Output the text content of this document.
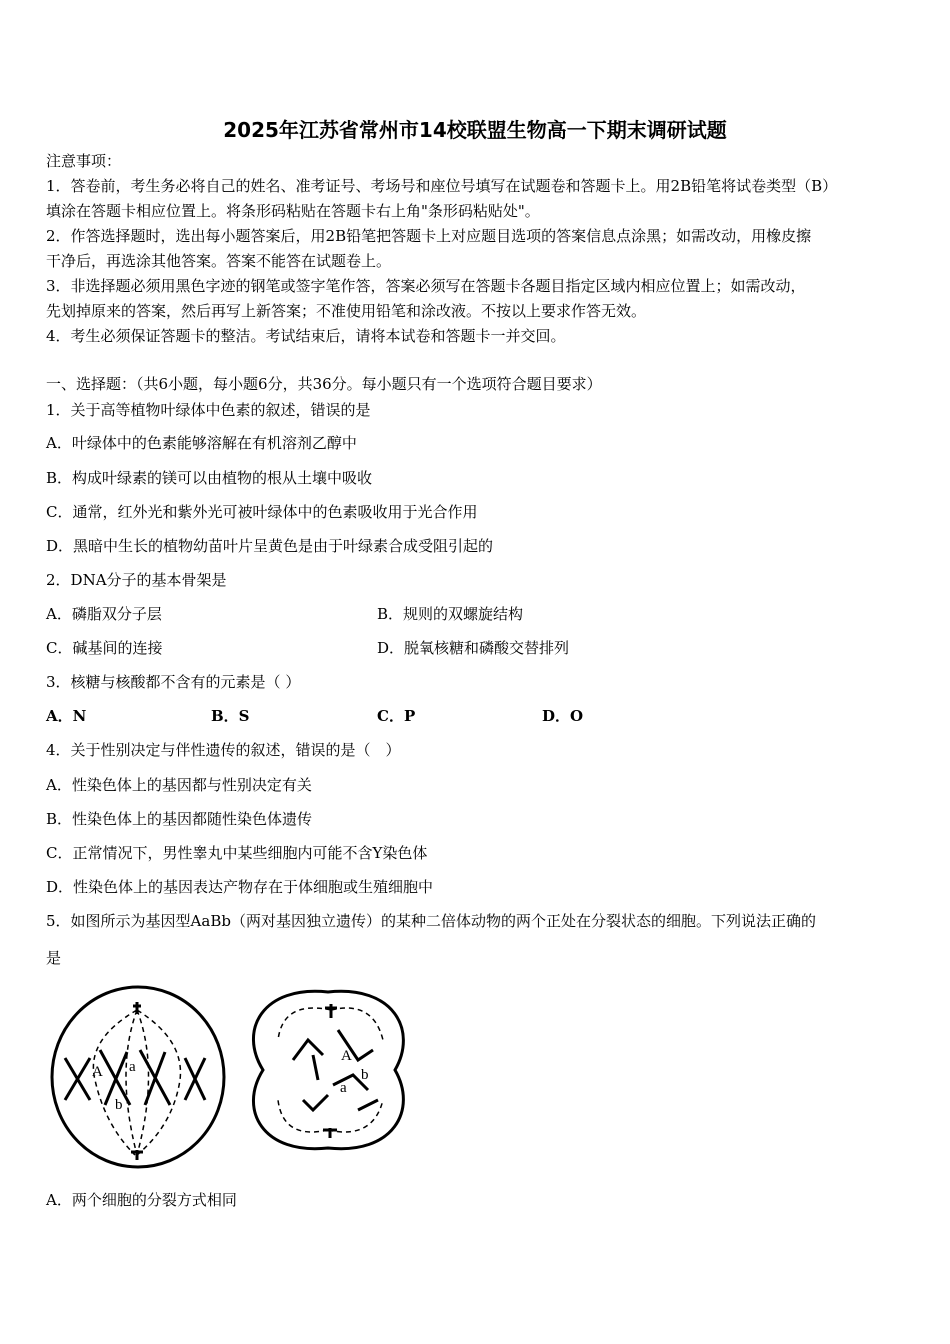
2025年江苏省常州市14校联盟生物高一下期末调研试题
注意事项：
1．答卷前，考生务必将自己的姓名、准考证号、考场号和座位号填写在试题卷和答题卡上。用2B铅笔将试卷类型（B）
填涂在答题卡相应位置上。将条形码粘贴在答题卡右上角"条形码粘贴处"。
2．作答选择题时，选出每小题答案后，用2B铅笔把答题卡上对应题目选项的答案信息点涂黑；如需改动，用橡皮擦
干净后，再选涂其他答案。答案不能答在试题卷上。
3．非选择题必须用黑色字迹的钢笔或签字笔作答，答案必须写在答题卡各题目指定区域内相应位置上；如需改动，
先划掉原来的答案，然后再写上新答案；不准使用铅笔和涂改液。不按以上要求作答无效。
4．考生必须保证答题卡的整洁。考试结束后，请将本试卷和答题卡一并交回。
一、选择题：（共6小题，每小题6分，共36分。每小题只有一个选项符合题目要求）
1．关于高等植物叶绿体中色素的叙述，错误的是
A．叶绿体中的色素能够溶解在有机溶剂乙醇中
B．构成叶绿素的镁可以由植物的根从土壤中吸收
C．通常，红外光和紫外光可被叶绿体中的色素吸收用于光合作用
D．黑暗中生长的植物幼苗叶片呈黄色是由于叶绿素合成受阻引起的
2．DNA分子的基本骨架是
A．磷脂双分子层	B．规则的双螺旋结构
C．碱基间的连接	D．脱氧核糖和磷酸交替排列
3．核糖与核酸都不含有的元素是（ ）
A．N	B．S	C．P	D．O
4．关于性别决定与伴性遗传的叙述，错误的是（　）
A．性染色体上的基因都与性别决定有关
B．性染色体上的基因都随性染色体遗传
C．正常情况下，男性睾丸中某些细胞内可能不含Y染色体
D．性染色体上的基因表达产物存在于体细胞或生殖细胞中
5．如图所示为基因型AaBb（两对基因独立遗传）的某种二倍体动物的两个正处在分裂状态的细胞。下列说法正确的
是
A a
b
A
a
b
A．两个细胞的分裂方式相同
